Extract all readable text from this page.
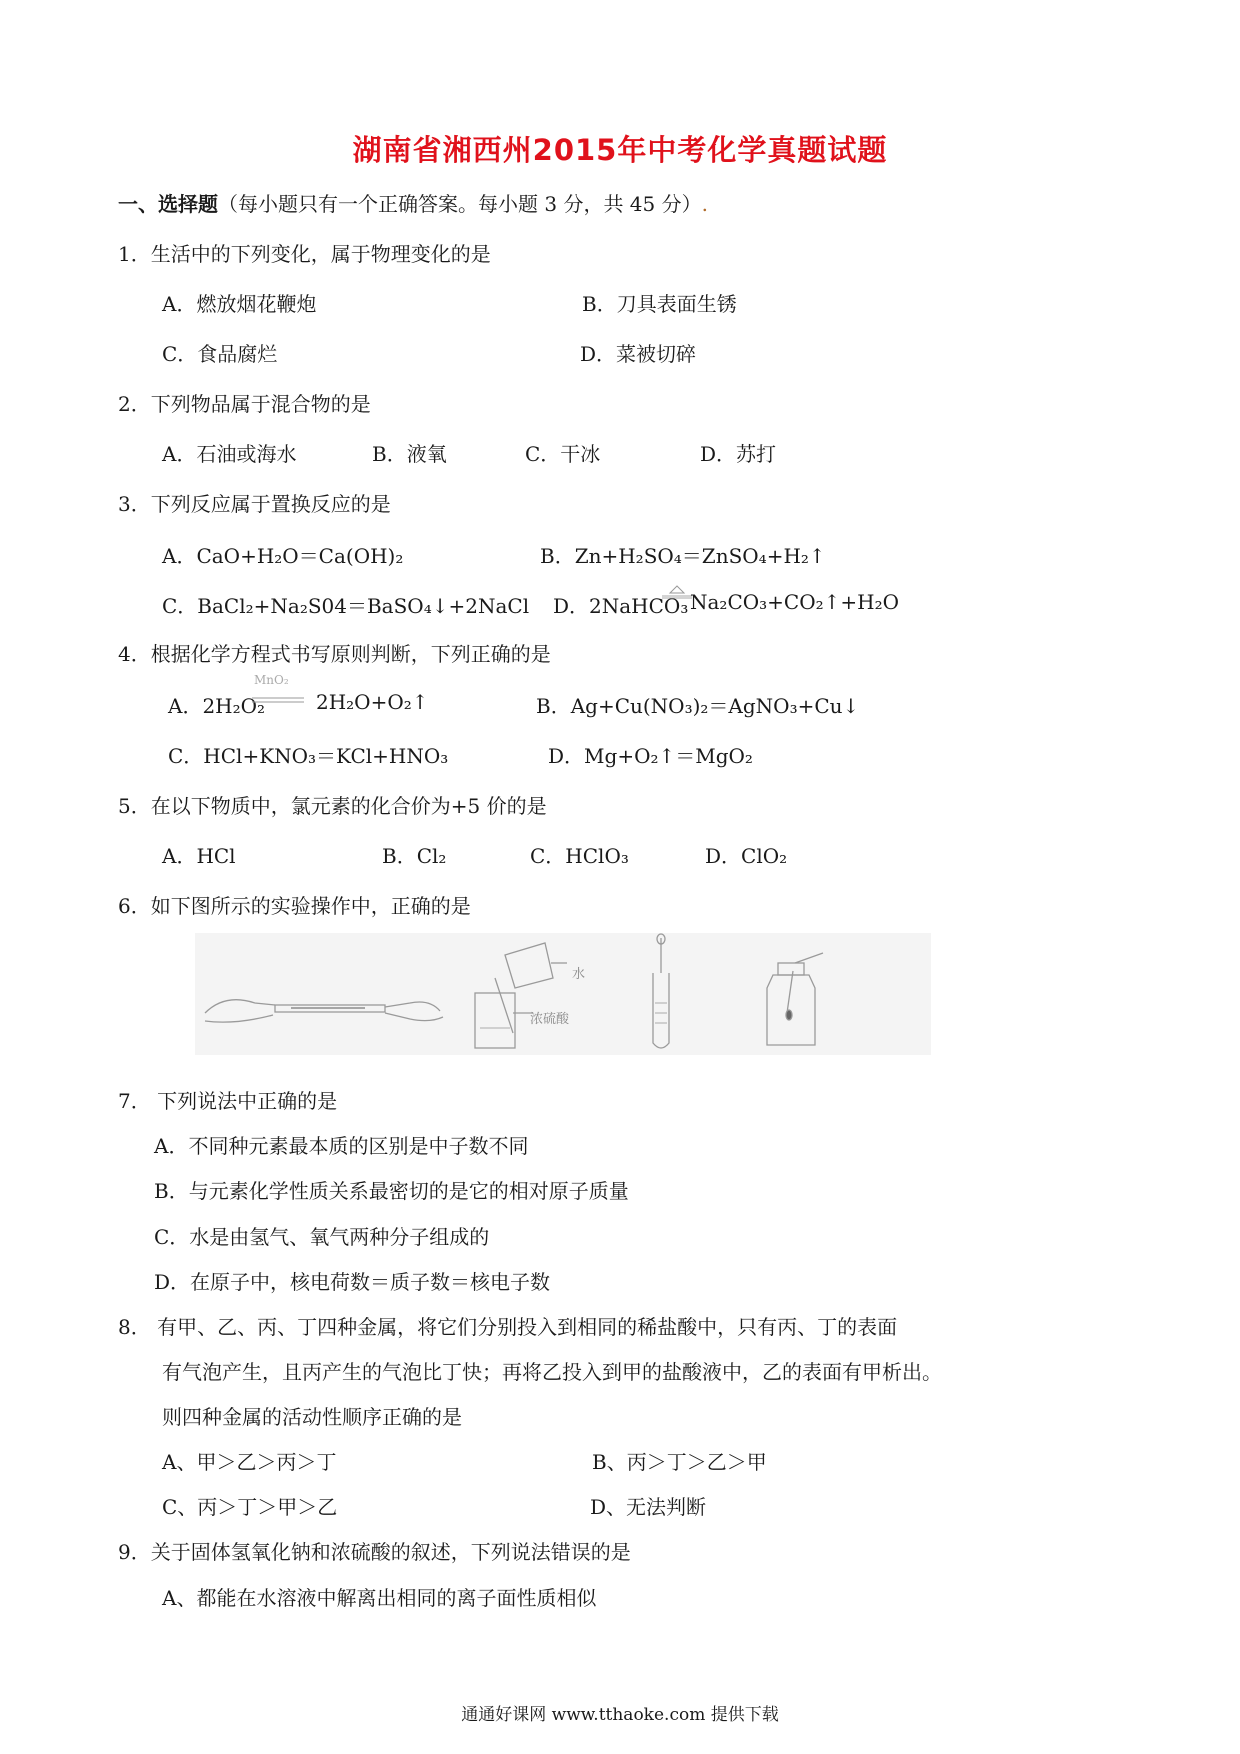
湖南省湘西州2015年中考化学真题试题
一、选择题（每小题只有一个正确答案。每小题 3 分，共 45 分）.
1．生活中的下列变化，属于物理变化的是
A．燃放烟花鞭炮	B．刀具表面生锈
C．食品腐烂	D．菜被切碎
2．下列物品属于混合物的是
A．石油或海水	B．液氧	C．干冰	D．苏打
3．下列反应属于置换反应的是
A．CaO+H₂O＝Ca(OH)₂	B．Zn+H₂SO₄＝ZnSO₄+H₂↑
C．BaCl₂+Na₂S04＝BaSO₄↓+2NaCl D．2NaHCO₃ Na₂CO₃+CO₂↑+H₂O
4．根据化学方程式书写原则判断，下列正确的是
A．2H₂O₂
MnO₂
2H₂O+O₂↑	B．Ag+Cu(NO₃)₂＝AgNO₃+Cu↓
C．HCl+KNO₃＝KCl+HNO₃	D．Mg+O₂↑＝MgO₂
5．在以下物质中，氯元素的化合价为+5 价的是
A．HCl	B．Cl₂	C．HClO₃	D．ClO₂
6．如下图所示的实验操作中，正确的是
水
浓硫酸
7． 下列说法中正确的是
A．不同种元素最本质的区别是中子数不同
B．与元素化学性质关系最密切的是它的相对原子质量
C．水是由氢气、氧气两种分子组成的
D．在原子中，核电荷数＝质子数＝核电子数
8． 有甲、乙、丙、丁四种金属，将它们分别投入到相同的稀盐酸中，只有丙、丁的表面
有气泡产生，且丙产生的气泡比丁快；再将乙投入到甲的盐酸液中，乙的表面有甲析出。
则四种金属的活动性顺序正确的是
A、甲＞乙＞丙＞丁	B、丙＞丁＞乙＞甲
C、丙＞丁＞甲＞乙	D、无法判断
9．关于固体氢氧化钠和浓硫酸的叙述，下列说法错误的是
A、都能在水溶液中解离出相同的离子面性质相似
通通好课网 www.tthaoke.com 提供下载
